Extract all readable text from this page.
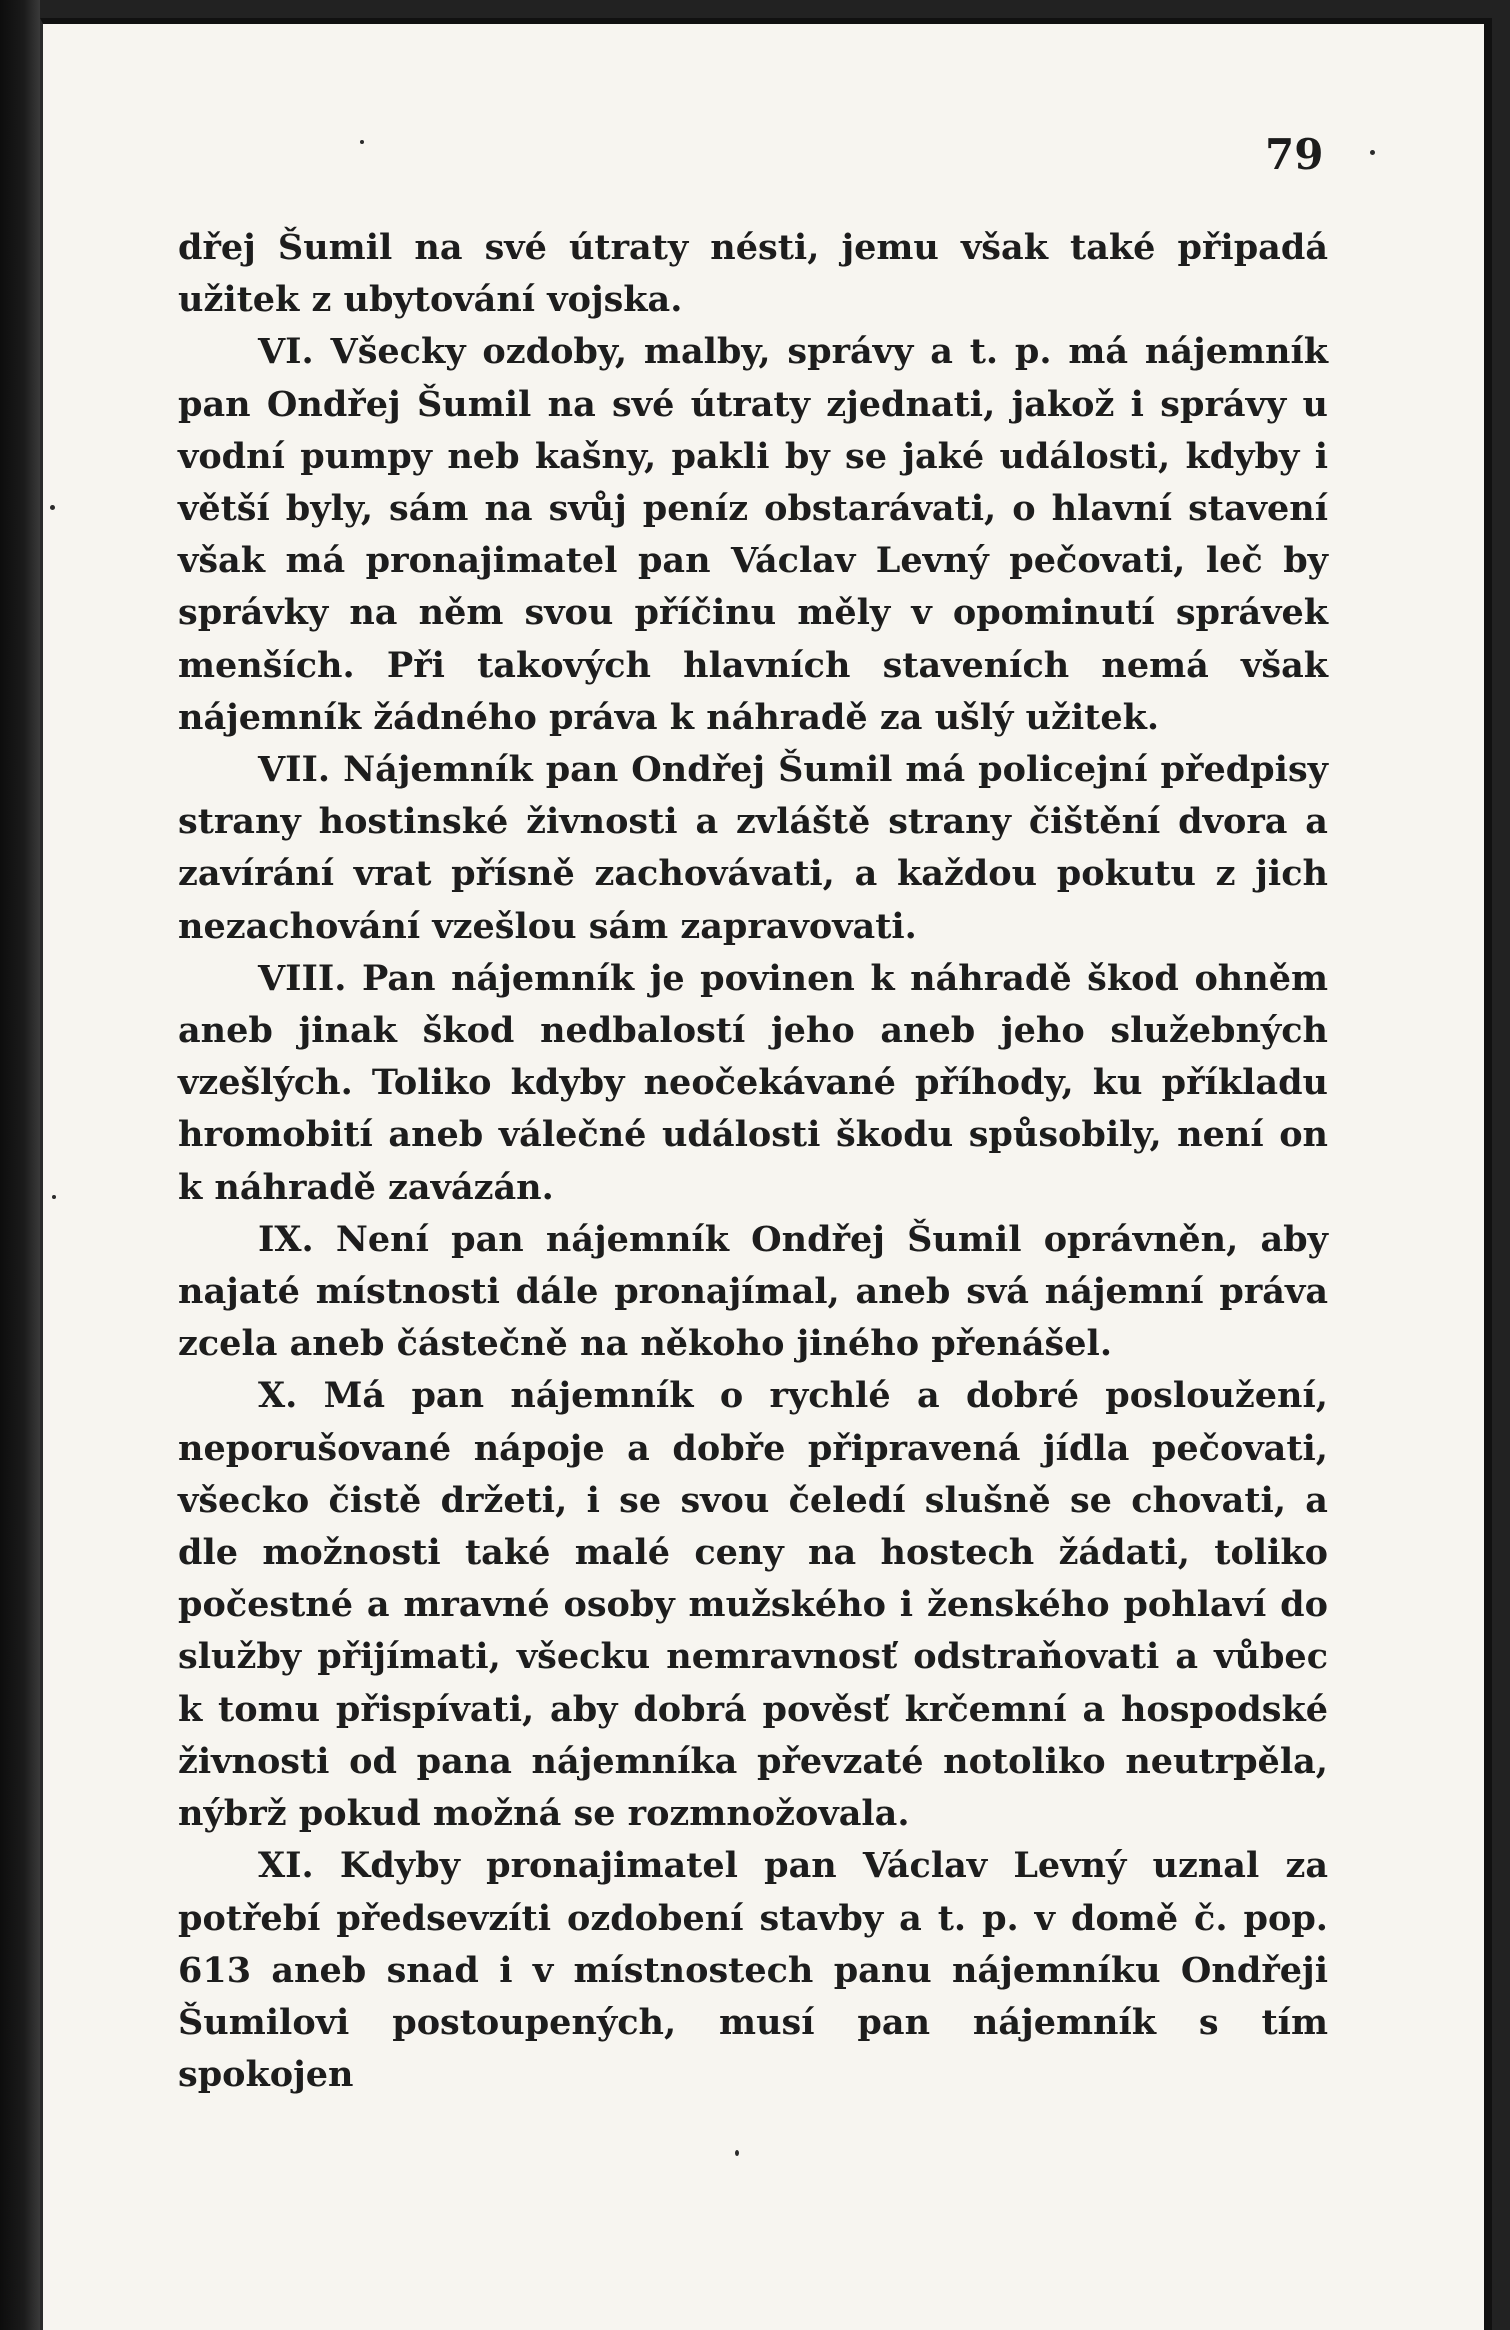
79

dřej Šumil na své útraty nésti, jemu však také připadá užitek z ubytování vojska.

VI. Všecky ozdoby, malby, správy a t. p. má nájemník pan Ondřej Šumil na své útraty zjednati, jakož i správy u vodní pumpy neb kašny, pakli by se jaké události, kdyby i větší byly, sám na svůj peníz obstarávati, o hlavní stavení však má pronajimatel pan Václav Levný pečovati, leč by správky na něm svou příčinu měly v opominutí správek menších. Při takových hlavních staveních nemá však nájemník žádného práva k náhradě za ušlý užitek.

VII. Nájemník pan Ondřej Šumil má policejní předpisy strany hostinské živnosti a zvláště strany čištění dvora a zavírání vrat přísně zachovávati, a každou pokutu z jich nezachování vzešlou sám zapravovati.

VIII. Pan nájemník je povinen k náhradě škod ohněm aneb jinak škod nedbalostí jeho aneb jeho služebných vzešlých. Toliko kdyby neočekávané příhody, ku příkladu hromobití aneb válečné události škodu spůsobily, není on k náhradě zavázán.

IX. Není pan nájemník Ondřej Šumil oprávněn, aby najaté místnosti dále pronajímal, aneb svá nájemní práva zcela aneb částečně na někoho jiného přenášel.

X. Má pan nájemník o rychlé a dobré posloužení, neporušované nápoje a dobře připravená jídla pečovati, všecko čistě držeti, i se svou čeledí slušně se chovati, a dle možnosti také malé ceny na hostech žádati, toliko počestné a mravné osoby mužského i ženského pohlaví do služby přijímati, všecku nemravnosť odstraňovati a vůbec k tomu přispívati, aby dobrá pověsť krčemní a hospodské živnosti od pana nájemníka převzaté notoliko neutrpěla, nýbrž pokud možná se rozmnožovala.

XI. Kdyby pronajimatel pan Václav Levný uznal za potřebí předsevzíti ozdobení stavby a t. p. v domě č. pop. 613 aneb snad i v místnostech panu nájemníku Ondřeji Šumilovi postoupených, musí pan nájemník s tím spokojen
